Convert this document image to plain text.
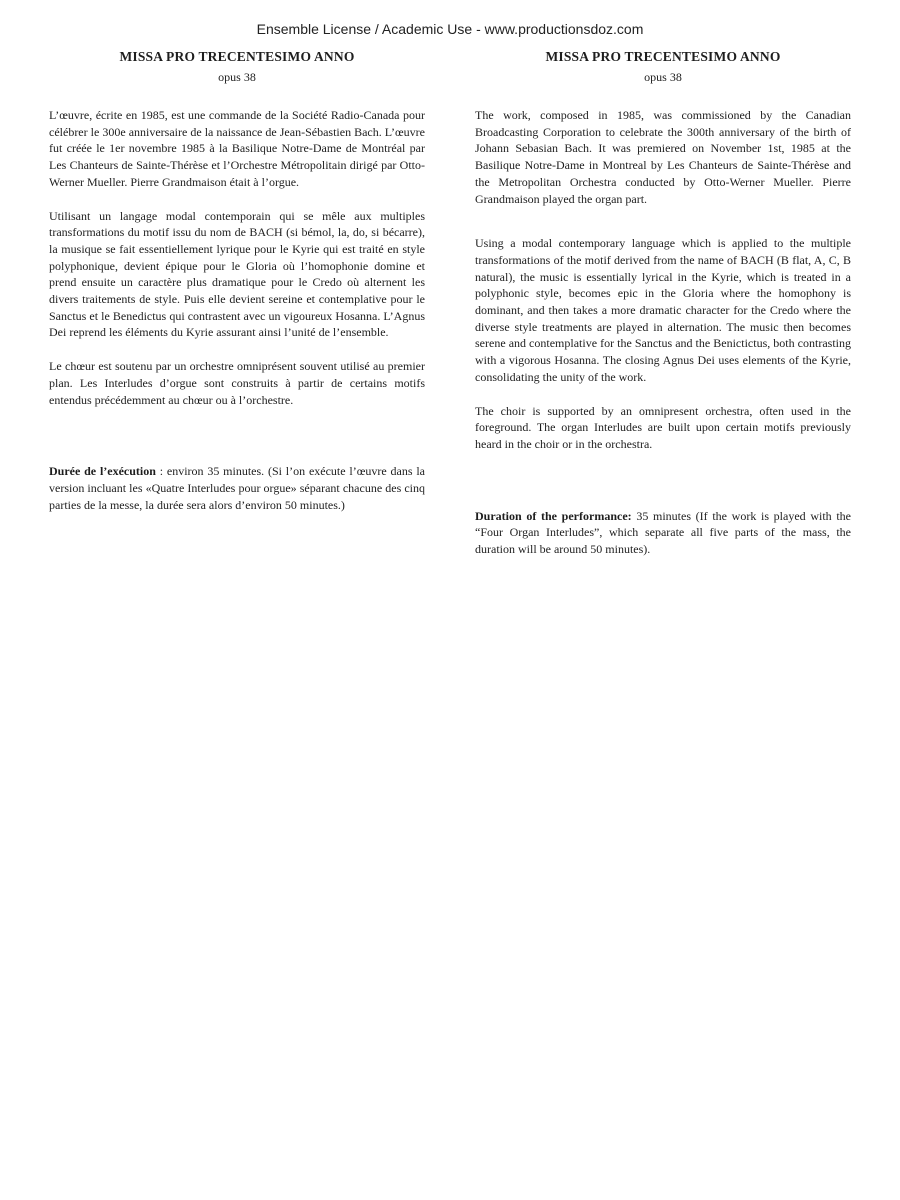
Ensemble License / Academic Use - www.productionsdoz.com

MISSA PRO TRECENTESIMO ANNO

opus 38

L’œuvre, écrite en 1985, est une commande de la Société Radio-Canada pour célébrer le 300e anniversaire de la naissance de Jean-Sébastien Bach. L’œuvre fut créée le 1er novembre 1985 à la Basilique Notre-Dame de Montréal par Les Chanteurs de Sainte-Thérèse et l’Orchestre Métropolitain dirigé par Otto-Werner Mueller. Pierre Grandmaison était à l’orgue.

Utilisant un langage modal contemporain qui se mêle aux multiples transformations du motif issu du nom de BACH (si bémol, la, do, si bécarre), la musique se fait essentiellement lyrique pour le Kyrie qui est traité en style polyphonique, devient épique pour le Gloria où l’homophonie domine et prend ensuite un caractère plus dramatique pour le Credo où alternent les divers traitements de style. Puis elle devient sereine et contemplative pour le Sanctus et le Benedictus qui contrastent avec un vigoureux Hosanna. L’Agnus Dei reprend les éléments du Kyrie assurant ainsi l’unité de l’ensemble.

Le chœur est soutenu par un orchestre omniprésent souvent utilisé au premier plan. Les Interludes d’orgue sont construits à partir de certains motifs entendus précédemment au chœur ou à l’orchestre.

Durée de l’exécution : environ 35 minutes. (Si l’on exécute l’œuvre dans la version incluant les «Quatre Interludes pour orgue» séparant chacune des cinq parties de la messe, la durée sera alors d’environ 50 minutes.)

MISSA PRO TRECENTESIMO ANNO

opus 38

The work, composed in 1985, was commissioned by the Canadian Broadcasting Corporation to celebrate the 300th anniversary of the birth of Johann Sebasian Bach. It was premiered on November 1st, 1985 at the Basilique Notre-Dame in Montreal by Les Chanteurs de Sainte-Thérèse and the Metropolitan Orchestra conducted by Otto-Werner Mueller. Pierre Grandmaison played the organ part.

Using a modal contemporary language which is applied to the multiple transformations of the motif derived from the name of BACH (B flat, A, C, B natural), the music is essentially lyrical in the Kyrie, which is treated in a polyphonic style, becomes epic in the Gloria where the homophony is dominant, and then takes a more dramatic character for the Credo where the diverse style treatments are played in alternation. The music then becomes serene and contemplative for the Sanctus and the Benictictus, both contrasting with a vigorous Hosanna. The closing Agnus Dei uses elements of the Kyrie, consolidating the unity of the work.

The choir is supported by an omnipresent orchestra, often used in the foreground. The organ Interludes are built upon certain motifs previously heard in the choir or in the orchestra.

Duration of the performance: 35 minutes (If the work is played with the “Four Organ Interludes”, which separate all five parts of the mass, the duration will be around 50 minutes).
